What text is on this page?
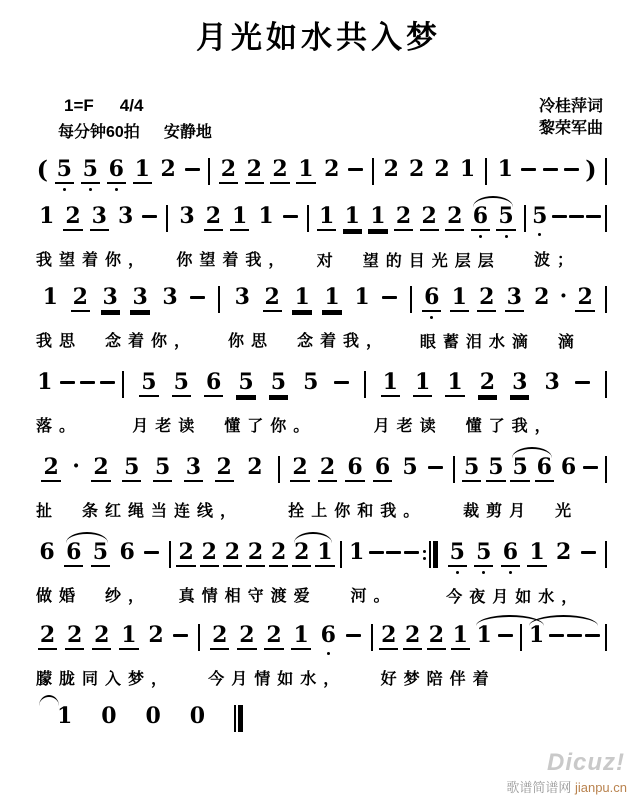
月光如水共入梦
1=F 4/4
每分钟60拍 安静地
冷桂萍词
黎荣军曲
( 5 5 6 1 2 2 2 2 1 2 2 2 2 1 1	)
1 2 3 3
我望着你，
3 2 1 1
你望着我，
1 1 1 2 2 2 6 5
对　望的目光层层
5
波；
1 2 3 3 3
我思　念着你，
3 2 1 1 1
你思　念着我，
6 1 2 3 2 · 2
眼蓄泪水滴　滴
1
落。
5 5 6 5 5 5
月老读　懂了你。
1 1 1 2 3 3
月老读　懂了我，
2 · 2 5 5 3 2 2
扯　条红绳当连线，
2 2 6 6 5
拴上你和我。
5 5 5 6 6
裁剪月　光
6 6 5 6
做婚　纱，
2 2 2 2 2 2 1
真情相守渡爱
1
河。
5 5 6 1 2
今夜月如水，
2 2 2 1 2
朦胧同入梦，
2 2 2 1 6
今月情如水，
2 2 2 1 1
好梦陪伴着
1
1 0 0 0
Dicuz!
歌谱简谱网 jianpu.cn
